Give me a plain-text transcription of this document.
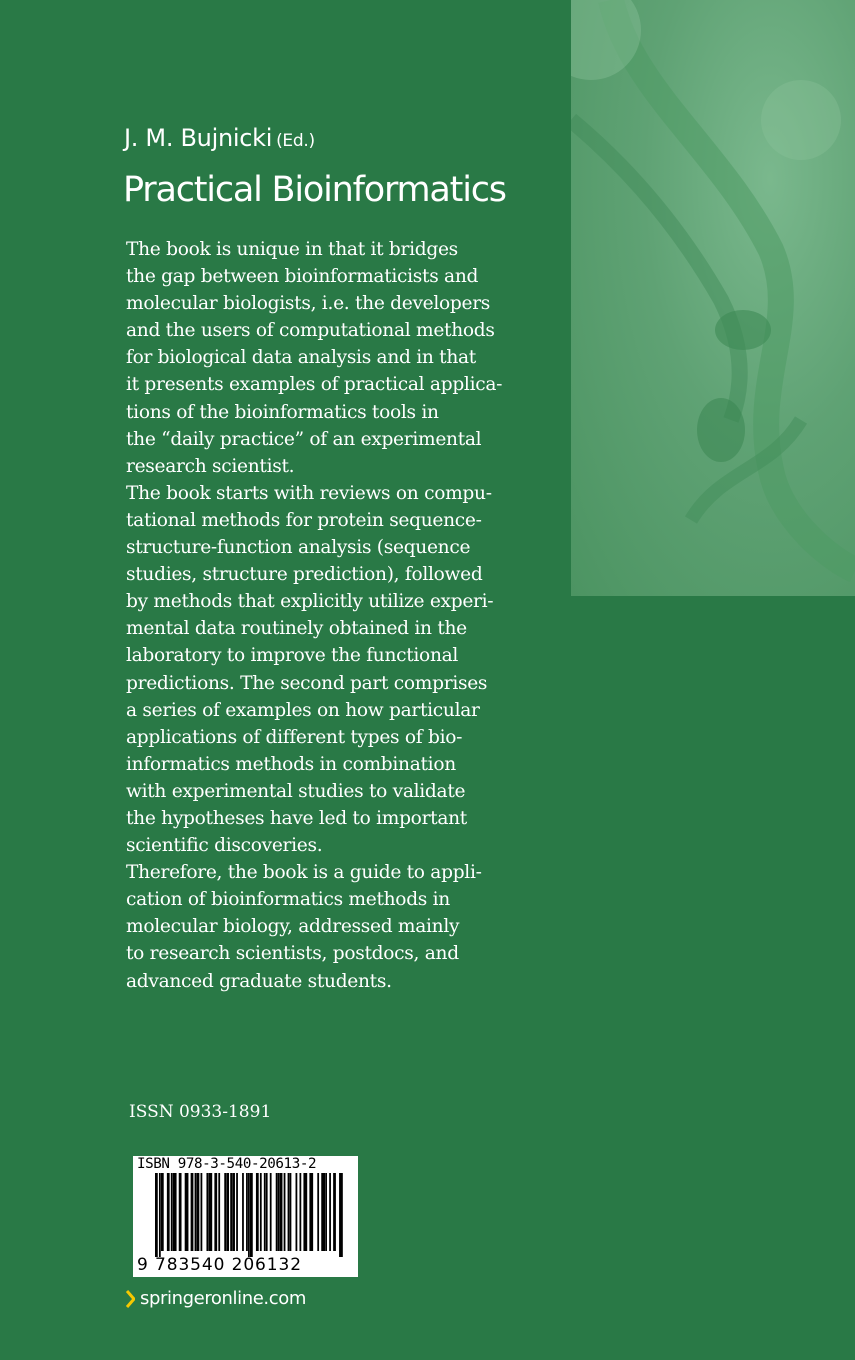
J. M. Bujnicki (Ed.)
Practical Bioinformatics
The book is unique in that it bridges
the gap between bioinformaticists and
molecular biologists, i.e. the developers
and the users of computational methods
for biological data analysis and in that
it presents examples of practical applica-
tions of the bioinformatics tools in
the “daily practice” of an experimental
research scientist.
The book starts with reviews on compu-
tational methods for protein sequence-
structure-function analysis (sequence
studies, structure prediction), followed
by methods that explicitly utilize experi-
mental data routinely obtained in the
laboratory to improve the functional
predictions. The second part comprises
a series of examples on how particular
applications of different types of bio-
informatics methods in combination
with experimental studies to validate
the hypotheses have led to important
scientific discoveries.
Therefore, the book is a guide to appli-
cation of bioinformatics methods in
molecular biology, addressed mainly
to research scientists, postdocs, and
advanced graduate students.
ISSN 0933-1891
ISBN 978-3-540-20613-2
9 783540 206132
springeronline.com
